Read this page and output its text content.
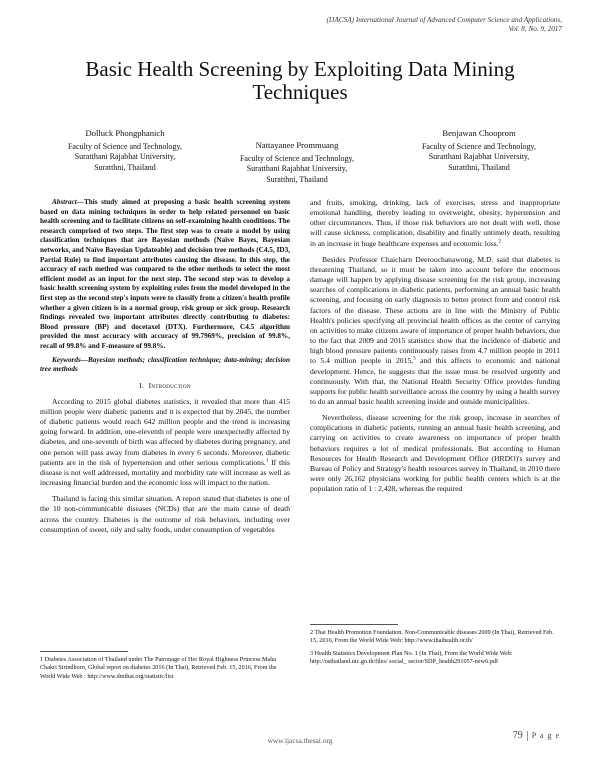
(IJACSA) International Journal of Advanced Computer Science and Applications,
Vol. 8, No. 9, 2017
Basic Health Screening by Exploiting Data Mining
Techniques
Dolluck Phongphanich
Faculty of Science and Technology,
Suratthani Rajabhat University,
Suratthni, Thailand
Nattayanee Prommuang
Faculty of Science and Technology,
Suratthani Rajabhat University,
Suratthni, Thailand
Benjawan Chooprom
Faculty of Science and Technology,
Suratthani Rajabhat University,
Suratthni, Thailand

Abstract—This study aimed at proposing a basic health screening system based on data mining techniques in order to help related personnel on basic health screening and to facilitate citizens on self-examining health conditions. The research comprised of two steps. The first step was to create a model by using classification techniques that are Bayesian methods (Naïve Bayes, Bayesian networks, and Naïve Bayesian Updateable) and decision tree methods (C4.5, ID3, Partial Rule) to find important attributes causing the disease. In this step, the accuracy of each method was compared to the other methods to select the most efficient model as an input for the next step. The second step was to develop a basic health screening system by exploiting rules from the model developed in the first step as the second step's inputs were to classify from a citizen's health profile whether a given citizen is in a normal group, risk group or sick group. Research findings revealed two important attributes directly contributing to diabetes: Blood pressure (BP) and docetaxel (DTX). Furthermore, C4.5 algorithm provided the most accuracy with accuracy of 99.7969%, precision of 99.8%, recall of 99.8% and F-measure of 99.8%.

Keywords—Bayesian methods; classification technique; data-mining; decision tree methods

I. Introduction

According to 2015 global diabetes statistics, it revealed that more than 415 million people were diabetic patients and it is expected that by 2045, the number of diabetic patients would reach 642 million people and the trend is increasing going forward. In addition, one-eleventh of people were unexpectedly affected by diabetes, and one-seventh of birth was affected by diabetes during pregnancy, and one person will pass away from diabetes in every 6 seconds. Moreover, diabetic patients are in the risk of hypertension and other serious complications.$^1$ If this disease is not well addressed, mortality and morbidity rate will increase as well as increasing financial burden and the economic loss will impact to the nation.

Thailand is facing this similar situation. A report stated that diabetes is one of the 10 non-communicable diseases (NCDs) that are the main cause of death across the country. Diabetes is the outcome of risk behaviors, including over consumption of sweet, oily and salty foods, under consumption of vegetables

1 Diabetes Association of Thailand under The Patronage of Her Royal Highness Princess Maha Chakri Sirindhorn, Global report on diabetes 2016 (In Thai), Retrieved Feb. 15, 2016, From the World Wide Web : http://www.dmthai.org/statistic/list

and fruits, smoking, drinking, lack of exercises, stress and inappropriate emotional handling, thereby leading to overweight, obesity, hypertension and other circumstances. Thus, if those risk behaviors are not dealt with well, those will cause sickness, complication, disability and finally untimely death, resulting in an increase in huge healthcare expenses and economic loss.$^2$

Besides Professor Chaicharn Deeroochanawong, M.D. said that diabetes is threatening Thailand, so it must be taken into account before the enormous damage will happen by applying disease screening for the risk group, increasing searches of complications in diabetic patients, performing an annual basic health screening, and focusing on early diagnosis to better protect from and control risk factors of the disease. These actions are in line with the Ministry of Public Health's policies specifying all provincial health offices as the center of carrying on activities to make citizens aware of importance of proper health behaviors, due to the fact that 2009 and 2015 statistics show that the incidence of diabetic and high blood pressure patients continuously raises from 4.7 million people in 2011 to 5.4 million people in 2015,$^3$ and this affects to economic and national development. Hence, he suggests that the issue must be resolved urgently and continuously. With that, the National Health Security Office provides funding supports for public health surveillance across the country by using a health survey to do an annual basic health screening inside and outside municipalities.

Nevertheless, disease screening for the risk group, increase in searches of complications in diabetic patients, running an annual basic health screening, and carrying on activities to create awareness on importance of proper health behaviors requires a lot of medical professionals. But according to Human Resources for Health Research and Development Office (HRDO)'s survey and Bureau of Policy and Strategy's health resources survey in Thailand, in 2010 there were only 26,162 physicians working for public health centers which is at the population ratio of 1 : 2,428, whereas the required

2 Thai Health Promotion Foundation. Non-Communicable diseases 2009 (In Thai), Retrieved Feb. 15, 2016, From the World Wide Web: http://www.thaihealth.or.th/

3 Health Statistics Development Plan No. 1 (In Thai), From the World Wide Web: http://osthailand.nic.go.th/files/ social_ sector/SDP_health291057-new6.pdf

79 P a g e
www.ijacsa.thesai.org
